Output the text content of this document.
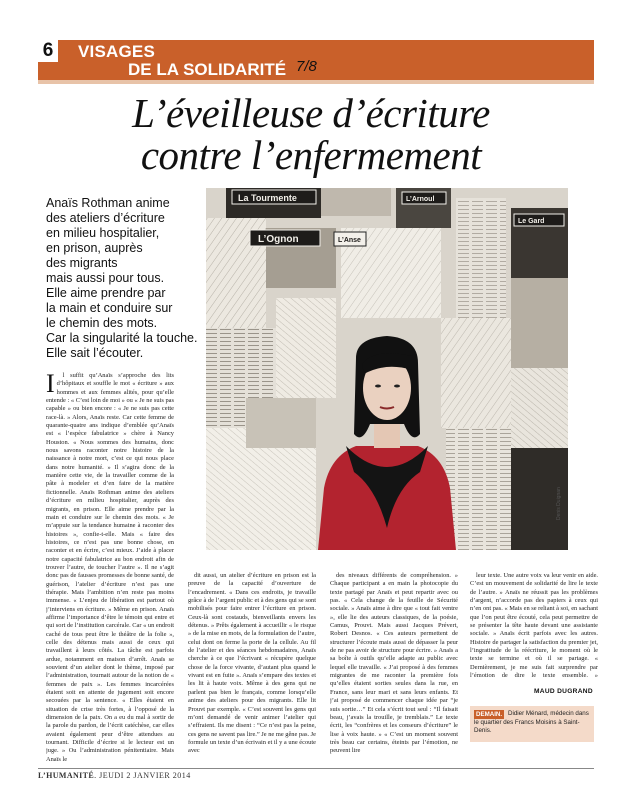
6 VISAGES
DE LA SOLIDARITÉ 7/8
L’éveilleuse d’écriture
contre l’enfermement
Anaïs Rothman anime
des ateliers d’écriture
en milieu hospitalier,
en prison, auprès
des migrants
mais aussi pour tous.
Elle aime prendre par
la main et conduire sur
le chemin des mots.
Car la singularité la touche.
Elle sait l’écouter.
La Tourmente
L’Ognon	L’Anse
L’Arnoul
Le Gard
Denis Duignan
I	l suffit qu’Anaïs s’approche des lits d’hôpitaux et souffle le mot « écriture » aux hommes et aux femmes alités, pour qu’elle entende : « C’est loin de moi » ou « Je ne suis pas capable » ou bien encore : « Je ne suis pas cette race-là. » Alors, Anaïs reste. Car cette femme de quarante-quatre ans indique d’emblée qu’Anaïs est « l’espèce fabulatrice » chère à Nancy Houston. « Nous sommes des humains, donc nous savons raconter notre histoire de la naissance à notre mort, c’est ce qui nous place dans notre humanité. » Il s’agira donc de la manière cette vie, de la travailler comme de la pâte à modeler et d’en faire de la matière fictionnelle. Anaïs Rothman anime des ateliers d’écriture en milieu hospitalier, auprès des migrants, en prison. Elle aime prendre par la main et conduire sur le chemin des mots. « Je m’appuie sur la tendance humaine à raconter des histoires », confie-t-elle. Mais « faire des histoires, ce n’est pas une bonne chose, en raconter et en écrire, c’est mieux. J’aide à placer notre capacité fabulatrice au bon endroit afin de trouver l’autre, de toucher l’autre ». Il ne s’agit donc pas de fausses promesses de bonne santé, de guérison, l’atelier d’écriture n’est pas une thérapie. Mais l’ambition n’en reste pas moins immense. « L’enjeu de libération est partout où j’interviens en écriture. » Même en prison. Anaïs affirme l’importance d’être le témoin qui entre et qui sort de l’institution carcérale. Car « un endroit caché de tous peut être le théâtre de la folie », celle des détenus mais aussi de ceux qui travaillent à leurs côtés. La tâche est parfois ardue, notamment en maison d’arrêt. Anaïs se souvient d’un atelier dont le thème, imposé par l’administration, tournait autour de la notion de « femmes de paix ». Les femmes incarcérées étaient soit en attente de jugement soit encore secouées par la sentence. « Elles étaient en situation de crise très fortes, à l’opposé de la dimension de la paix. On a eu du mal à sortir de la parole du pardon, de l’écrit catéchèse, car elles avaient également peur d’être attendues au tournant. Difficile d’écrire si le lecteur est un juge. » Ou l’administration pénitentiaire. Mais Anaïs le

dit aussi, un atelier d’écriture en prison est la preuve de la capacité d’ouverture de l’encadrement. « Dans ces endroits, je travaille grâce à de l’argent public et à des gens qui se sont mobilisés pour faire entrer l’écriture en prison. Ceux-là sont costauds, bienveillants envers les détenus. » Prêts également à accueillir « le risque » de la mise en mots, de la formulation de l’autre, celui dont on ferme la porte de la cellule. Au fil de l’atelier et des séances hebdomadaires, Anaïs cherche à ce que l’écrivant « récupère quelque chose de la force vivante, d’autant plus quand le vivant est en fuite ». Anaïs s’empare des textes et les lit à haute voix. Même à des gens qui ne parlent pas bien le français, comme lorsqu’elle anime des ateliers pour des migrants. Elle lit Prouvt par exemple. « C’est souvent les gens qui m’ont demandé de venir animer l’atelier qui s’effraient. Ils me disent : “Ce n’est pas la peine, ces gens ne savent pas lire.” Je ne me gêne pas. Je formule un texte d’un écrivain et il y a une écoute avec

des niveaux différents de compréhension. » Chaque participant a en main la photocopie du texte partagé par Anaïs et peut repartir avec ou pas. « Cela change de la feuille de Sécurité sociale. » Anaïs aime à dire que « tout fait ventre », elle lie des auteurs classiques, de la poésie, Camus, Prouvt. Mais aussi Jacques Prévert, Robert Desnos. « Ces auteurs permettent de structurer l’écoute mais aussi de dépasser la peur de ne pas avoir de structure pour écrire. » Anaïs a sa boîte à outils qu’elle adapte au public avec lequel elle travaille. « J’ai proposé à des femmes migrantes de me raconter la première fois qu’elles étaient sorties seules dans la rue, en France, sans leur mari et sans leurs enfants. Et j’ai proposé de commencer chaque idée par “je suis sortie…” Et cela s’écrit tout seul : “Il faisait beau, j’avais la trouille, je tremblais.” Le texte écrit, les “confrères et les conseurs d’écriture” le lise à voix haute. » « C’est un moment souvent très beau car certains, éteints par l’émotion, ne peuvent lire

leur texte. Une autre voix va leur venir en aide. C’est un mouvement de solidarité de lire le texte de l’autre. » Anaïs ne réussit pas les problèmes d’argent, n’accorde pas des papiers à ceux qui n’en ont pas. « Mais en se reliant à soi, en sachant que l’on peut être écouté, cela peut permettre de se présenter la tête haute devant une assistante sociale. » Anaïs écrit parfois avec les autres. Histoire de partager la satisfaction du premier jet, l’ingratitude de la réécriture, le moment où le texte se termine et où il se partage. « Dernièrement, je me suis fait surprendre par l’émotion de dire le texte ensemble. »

MAUD DUGRAND
Didier Ménard, médecin dans le quartier des Francs Moisins à Saint-Denis.
DEMAIN.
L’HUMANITÉ. JEUDI 2 JANVIER 2014
